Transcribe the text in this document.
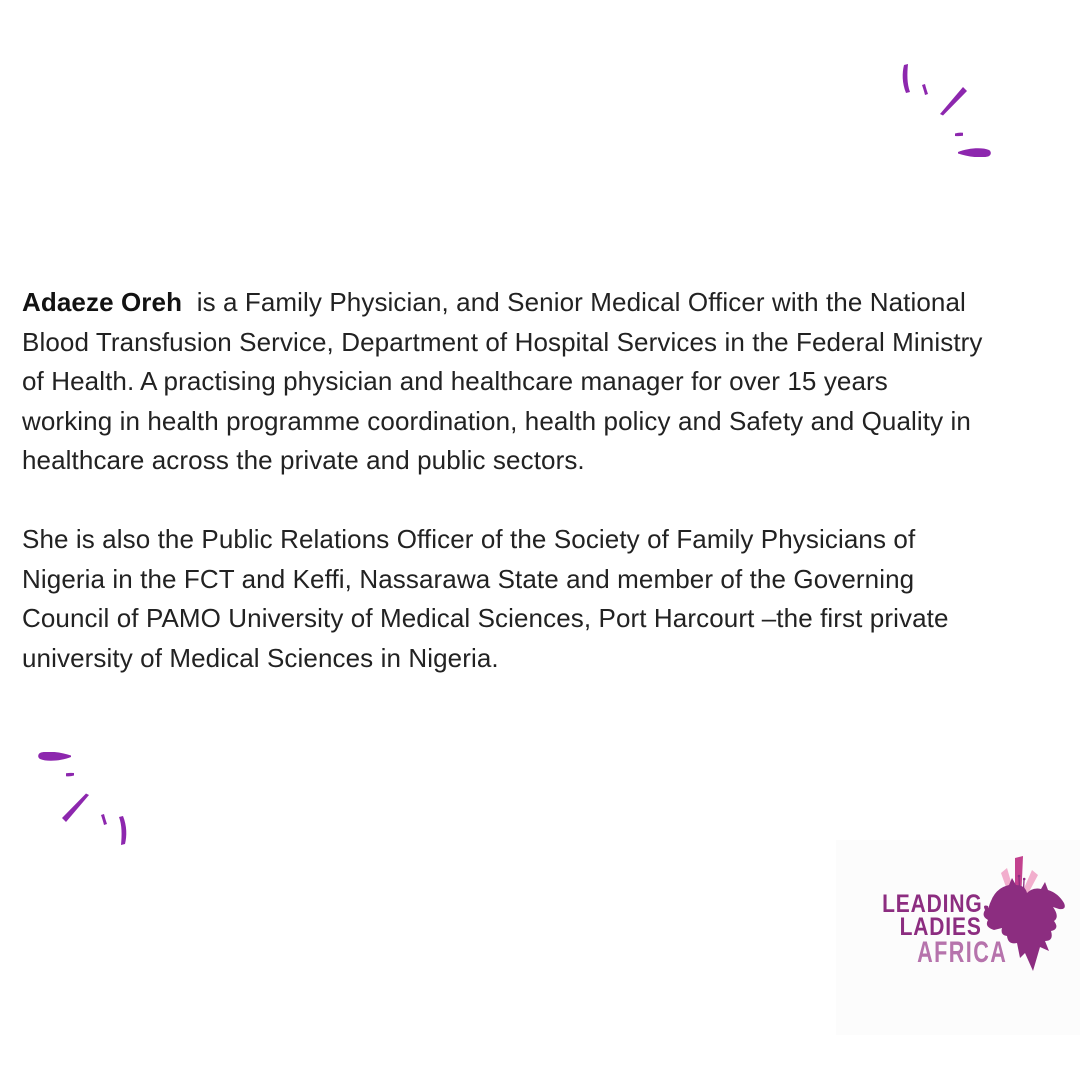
Adaeze Oreh  is a Family Physician, and Senior Medical Officer with the National
Blood Transfusion Service, Department of Hospital Services in the Federal Ministry
of Health. A practising physician and healthcare manager for over 15 years
working in health programme coordination, health policy and Safety and Quality in
healthcare across the private and public sectors.
She is also the Public Relations Officer of the Society of Family Physicians of
Nigeria in the FCT and Keffi, Nassarawa State and member of the Governing
Council of PAMO University of Medical Sciences, Port Harcourt –the first private
university of Medical Sciences in Nigeria.
LEADING
LADIES
AFRICA
